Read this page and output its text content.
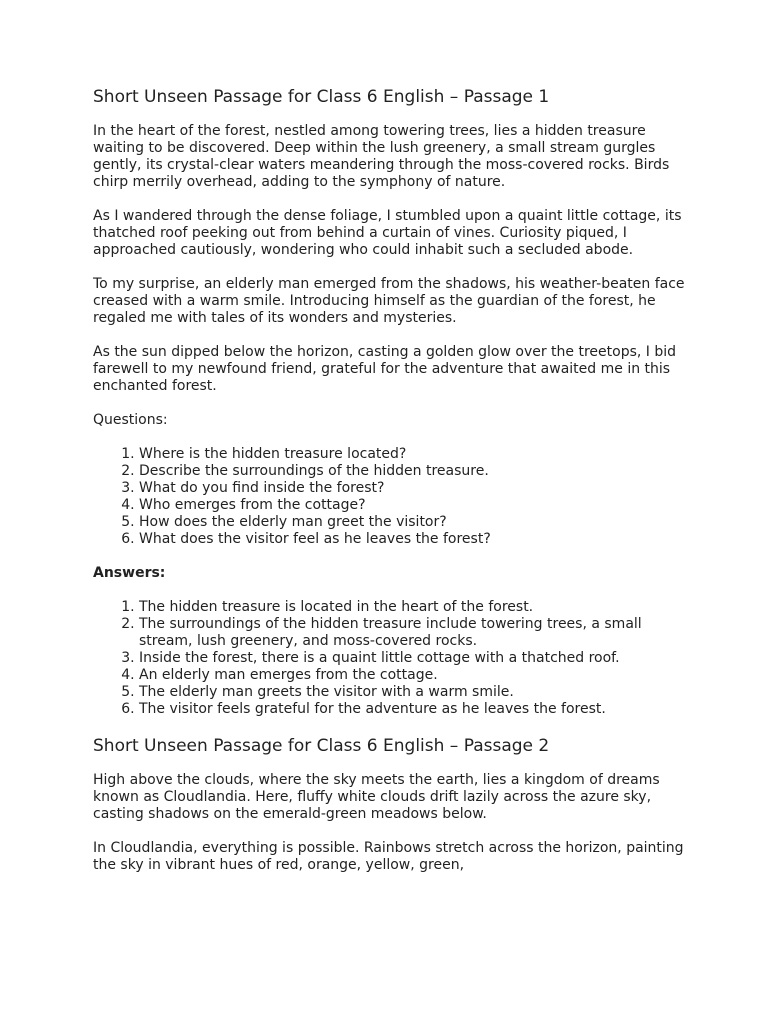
Short Unseen Passage for Class 6 English – Passage 1

In the heart of the forest, nestled among towering trees, lies a hidden treasure waiting to be discovered. Deep within the lush greenery, a small stream gurgles gently, its crystal-clear waters meandering through the moss-covered rocks. Birds chirp merrily overhead, adding to the symphony of nature.

As I wandered through the dense foliage, I stumbled upon a quaint little cottage, its thatched roof peeking out from behind a curtain of vines. Curiosity piqued, I approached cautiously, wondering who could inhabit such a secluded abode.

To my surprise, an elderly man emerged from the shadows, his weather-beaten face creased with a warm smile. Introducing himself as the guardian of the forest, he regaled me with tales of its wonders and mysteries.

As the sun dipped below the horizon, casting a golden glow over the treetops, I bid farewell to my newfound friend, grateful for the adventure that awaited me in this enchanted forest.

Questions:

1. Where is the hidden treasure located?
2. Describe the surroundings of the hidden treasure.
3. What do you find inside the forest?
4. Who emerges from the cottage?
5. How does the elderly man greet the visitor?
6. What does the visitor feel as he leaves the forest?

Answers:

1. The hidden treasure is located in the heart of the forest.
2. The surroundings of the hidden treasure include towering trees, a small stream, lush greenery, and moss-covered rocks.
3. Inside the forest, there is a quaint little cottage with a thatched roof.
4. An elderly man emerges from the cottage.
5. The elderly man greets the visitor with a warm smile.
6. The visitor feels grateful for the adventure as he leaves the forest.
Short Unseen Passage for Class 6 English – Passage 2

High above the clouds, where the sky meets the earth, lies a kingdom of dreams known as Cloudlandia. Here, fluffy white clouds drift lazily across the azure sky, casting shadows on the emerald-green meadows below.

In Cloudlandia, everything is possible. Rainbows stretch across the horizon, painting the sky in vibrant hues of red, orange, yellow, green,
